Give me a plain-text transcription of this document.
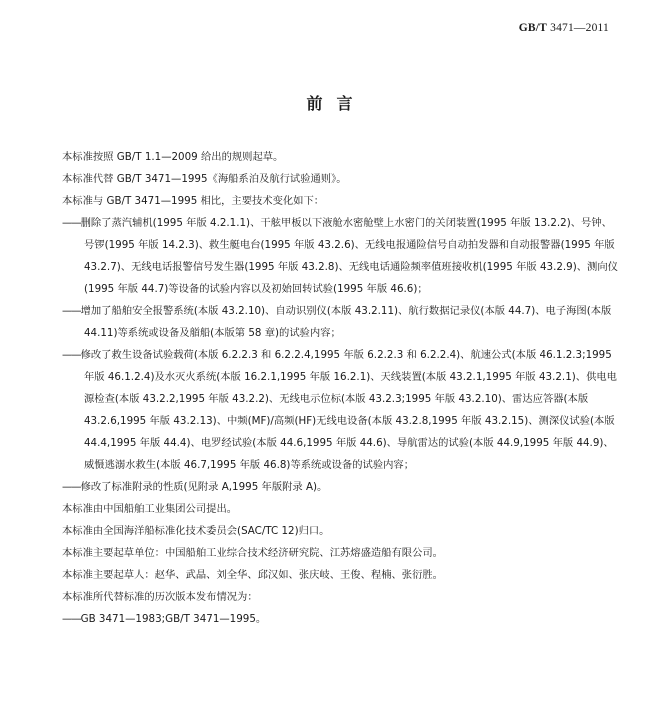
GB/T 3471—2011
前言

本标准按照 GB/T 1.1—2009 给出的规则起草。

本标准代替 GB/T 3471—1995《海船系泊及航行试验通则》。

本标准与 GB/T 3471—1995 相比，主要技术变化如下：

——删除了蒸汽辅机(1995 年版 4.2.1.1)、干舷甲板以下液舱水密舱壁上水密门的关闭装置(1995 年版 13.2.2)、号钟、号锣(1995 年版 14.2.3)、救生艇电台(1995 年版 43.2.6)、无线电报通险信号自动拍发器和自动报警器(1995 年版 43.2.7)、无线电话报警信号发生器(1995 年版 43.2.8)、无线电话通险频率值班接收机(1995 年版 43.2.9)、测向仪(1995 年版 44.7)等设备的试验内容以及初始回转试验(1995 年版 46.6)；

——增加了船舶安全报警系统(本版 43.2.10)、自动识别仪(本版 43.2.11)、航行数据记录仪(本版 44.7)、电子海图(本版 44.11)等系统或设备及艏船(本版第 58 章)的试验内容；

——修改了救生设备试验载荷(本版 6.2.2.3 和 6.2.2.4,1995 年版 6.2.2.3 和 6.2.2.4)、航速公式(本版 46.1.2.3;1995 年版 46.1.2.4)及水灭火系统(本版 16.2.1,1995 年版 16.2.1)、天线装置(本版 43.2.1,1995 年版 43.2.1)、供电电源检查(本版 43.2.2,1995 年版 43.2.2)、无线电示位标(本版 43.2.3;1995 年版 43.2.10)、雷达应答器(本版 43.2.6,1995 年版 43.2.13)、中频(MF)/高频(HF)无线电设备(本版 43.2.8,1995 年版 43.2.15)、测深仪试验(本版 44.4,1995 年版 44.4)、电罗经试验(本版 44.6,1995 年版 44.6)、导航雷达的试验(本版 44.9,1995 年版 44.9)、威慑逃溺水救生(本版 46.7,1995 年版 46.8)等系统或设备的试验内容；

——修改了标准附录的性质(见附录 A,1995 年版附录 A)。

本标准由中国船舶工业集团公司提出。

本标准由全国海洋船标准化技术委员会(SAC/TC 12)归口。

本标准主要起草单位：中国船舶工业综合技术经济研究院、江苏熔盛造船有限公司。

本标准主要起草人：赵华、武晶、刘全华、邱汉如、张庆岐、王俊、程楠、张衍胜。

本标准所代替标准的历次版本发布情况为：

——GB 3471—1983;GB/T 3471—1995。
